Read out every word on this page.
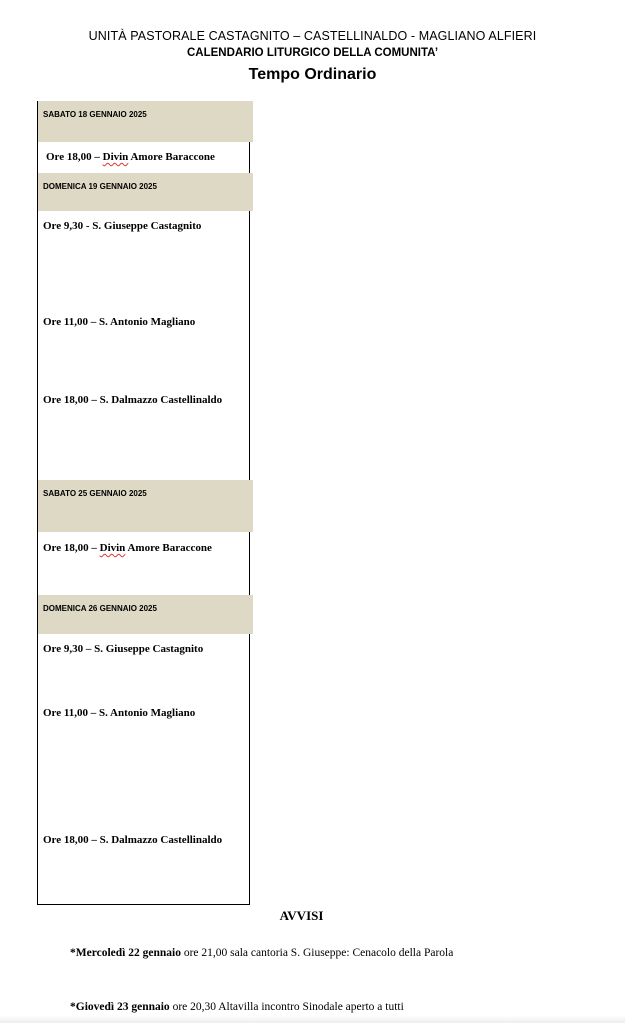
UNITÀ PASTORALE CASTAGNITO – CASTELLINALDO - MAGLIANO ALFIERI
CALENDARIO LITURGICO DELLA COMUNITA’
Tempo Ordinario
SABATO 18 GENNAIO 2025
Ore 18,00 – Divin Amore Baraccone
DOMENICA 19 GENNAIO 2025
Ore 9,30 - S. Giuseppe Castagnito
Ore 11,00 – S. Antonio Magliano
Ore 18,00 – S. Dalmazzo Castellinaldo
SABATO 25 GENNAIO 2025
Ore 18,00 – Divin Amore Baraccone
DOMENICA 26 GENNAIO 2025
Ore 9,30 – S. Giuseppe Castagnito
Ore 11,00 – S. Antonio Magliano
Ore 18,00 – S. Dalmazzo Castellinaldo
AVVISI
*Mercoledì 22 gennaio ore 21,00 sala cantoria S. Giuseppe: Cenacolo della Parola
*Giovedì 23 gennaio ore 20,30 Altavilla incontro Sinodale aperto a tutti
